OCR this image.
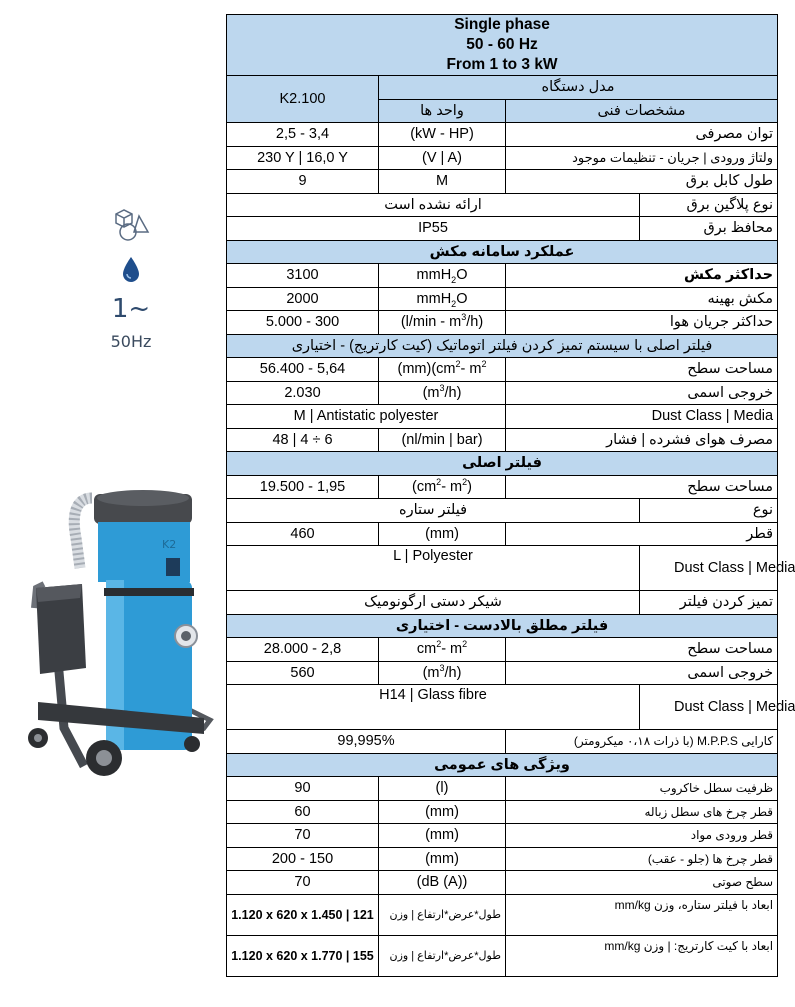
1~
50Hz
K2
Single phase
50 - 60 Hz
From 1 to 3 kW			

K2.100	مدل دستگاه		
	واحد ها	مشخصات فنی	
2,5 - 3,4	(kW - HP)	توان مصرفی	
230 Y | 16,0 Y	(V | A)	ولتاژ ورودی | جریان - تنظیمات موجود	
9	M	طول کابل برق	
ارائه نشده است			نوع پلاگین برق
IP55			محافظ برق
عملکرد سامانه مکش			
3100	mmH$_2$O	حداکثر مکش	
2000	mmH$_2$O	مکش بهینه	
5.000 - 300	$(l/\min - m^3/h)$	حداکثر جریان هوا	
فیلتر اصلی با سیستم تمیز کردن فیلتر اتوماتیک (کیت کارتریج) - اختیاری			
56.400 - 5,64	$(mm)(cm^2-$ $m^2$	مساحت سطح	
2.030	$(m^3/h)$	خروجی اسمی	
M | Antistatic polyester		Dust Class | Media	
48 | 4 ÷ 6	(nl/min | bar)	مصرف هوای فشرده | فشار	
فیلتر اصلی			
19.500 - 1,95	($cm^2-$ $m^2$)	مساحت سطح	
فیلتر ستاره			نوع
460	(mm)	قطر	
L | Polyester			Dust Class | Media
شیکر دستی ارگونومیک			تمیز کردن فیلتر
فیلتر مطلق بالادست - اختیاری			
28.000 - 2,8	$cm^2-$ $m^2$	مساحت سطح	
560	$(m^3/h)$	خروجی اسمی	
H14 | Glass fibre			Dust Class | Media
99,995%		کارایی M.P.P.S (با ذرات ۰،۱۸ میکرومتر)	
ویژگی های عمومی			
90	(l)	ظرفیت سطل خاکروب	
60	(mm)	قطر چرخ های سطل زباله	
70	(mm)	قطر ورودی مواد	
200 - 150	(mm)	قطر چرخ ها (جلو - عقب)	
70	(dB (A))	سطح صوتی	
1.120 x 620 x 1.450 | 121	طول*عرض*ارتفاع | وزن	ابعاد با فیلتر ستاره، وزن mm/kg	
1.120 x 620 x 1.770 | 155	طول*عرض*ارتفاع | وزن	ابعاد با کیت کارتریج: | وزن mm/kg	
